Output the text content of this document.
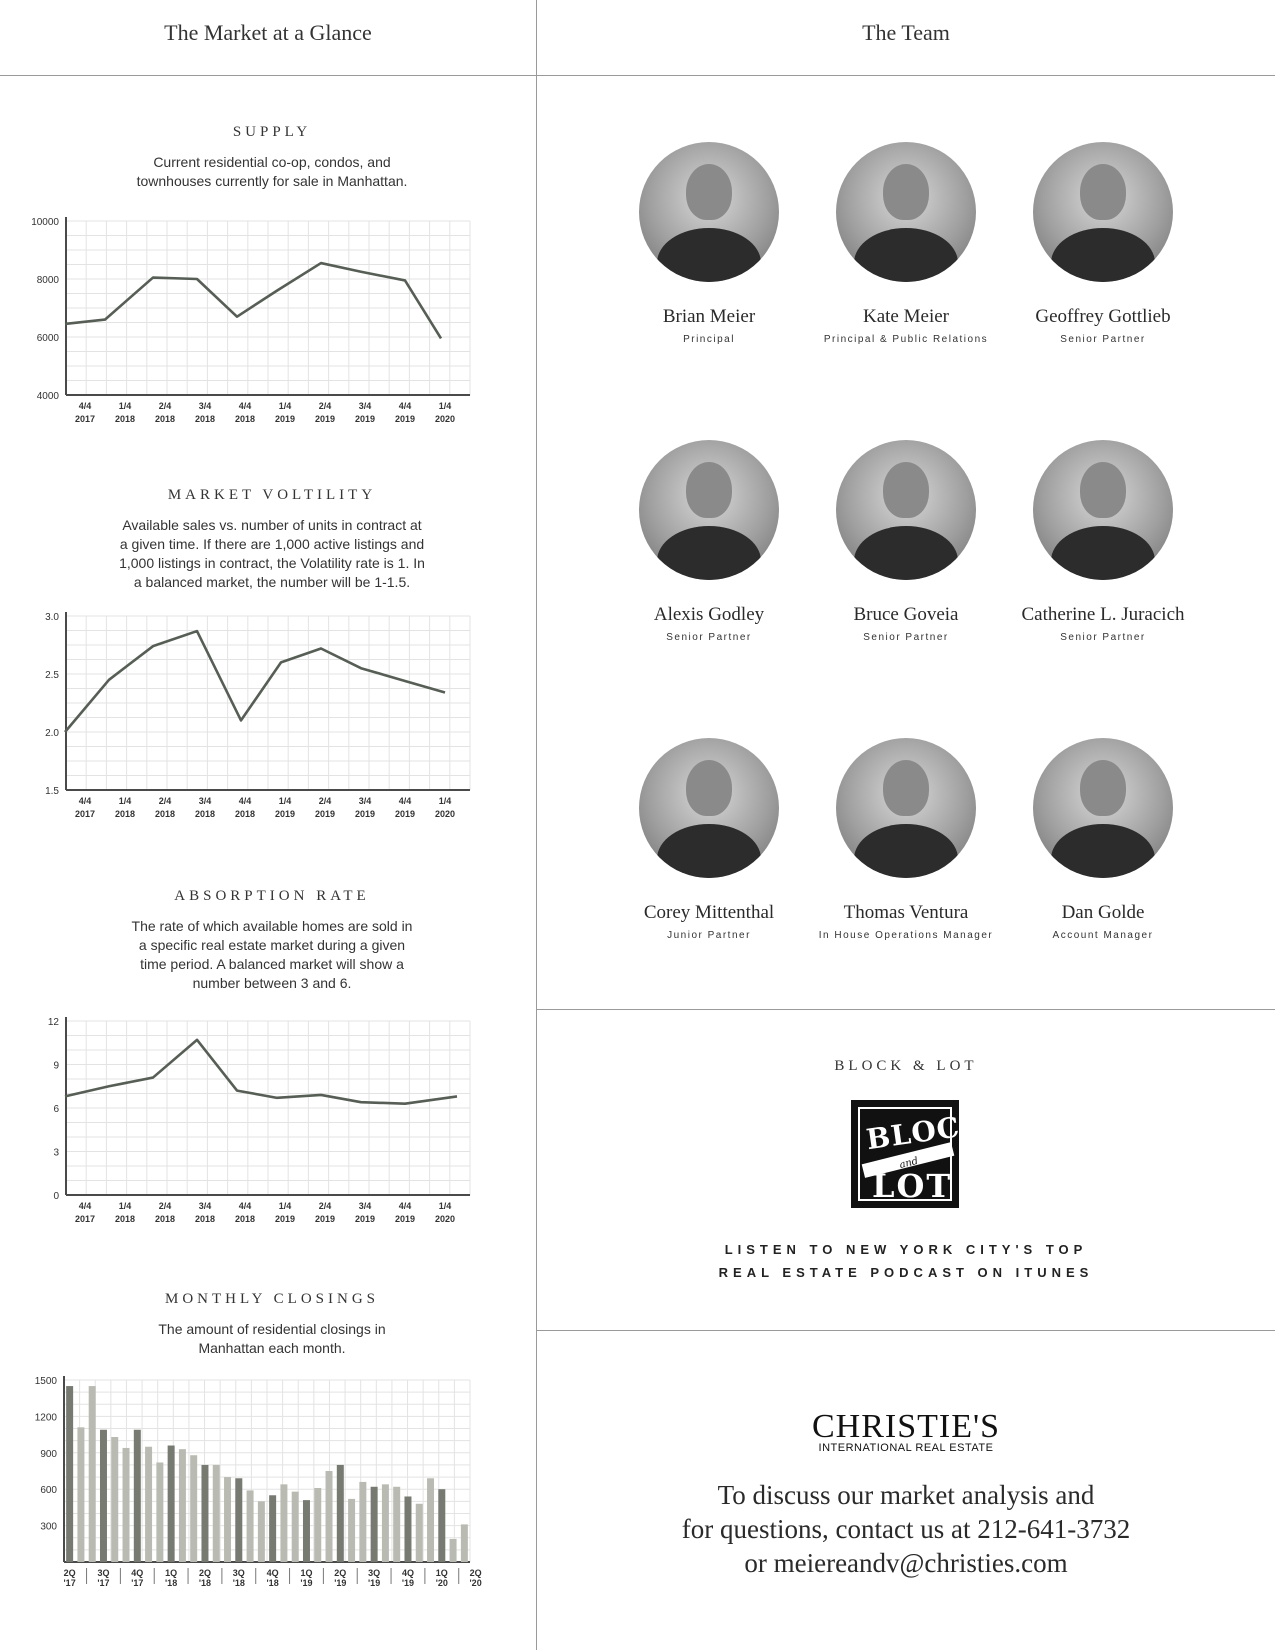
The Market at a Glance	The Team
SUPPLY
Current residential co-op, condos, and
townhouses currently for sale in Manhattan.
4000
6000
8000
10000
4/4 2017
1/4 2018
2/4 2018
3/4 2018
4/4 2018
1/4 2019
2/4 2019
3/4 2019
4/4 2019
1/4 2020
MARKET VOLTILITY
Available sales vs. number of units in contract at
a given time. If there are 1,000 active listings and
1,000 listings in contract, the Volatility rate is 1. In
a balanced market, the number will be 1-1.5.
1.5
2.0
2.5
3.0
4/4 2017
1/4 2018
2/4 2018
3/4 2018
4/4 2018
1/4 2019
2/4 2019
3/4 2019
4/4 2019
1/4 2020
ABSORPTION RATE
The rate of which available homes are sold in
a specific real estate market during a given
time period. A balanced market will show a
number between 3 and 6.
0
3
6
9
12
4/4 2017
1/4 2018
2/4 2018
3/4 2018
4/4 2018
1/4 2019
2/4 2019
3/4 2019
4/4 2019
1/4 2020
MONTHLY CLOSINGS
The amount of residential closings in
Manhattan each month.
300
600
900
1200
1500
2Q '17
3Q '17
4Q '17
1Q '18
2Q '18
3Q '18
4Q '18
1Q '19
2Q '19
3Q '19
4Q '19
1Q '20
2Q '20
Brian Meier
Principal
Kate Meier
Principal & Public Relations
Geoffrey Gottlieb
Senior Partner
Alexis Godley
Senior Partner
Bruce Goveia
Senior Partner
Catherine L. Juracich
Senior Partner
Corey Mittenthal
Junior Partner
Thomas Ventura
In House Operations Manager
Dan Golde
Account Manager
BLOCK & LOT
BLOCK
and
LOT
LISTEN TO NEW YORK CITY'S TOP
REAL ESTATE PODCAST ON ITUNES
CHRISTIE'S
INTERNATIONAL REAL ESTATE
To discuss our market analysis and
for questions, contact us at 212-641-3732
or meiereandv@christies.com
